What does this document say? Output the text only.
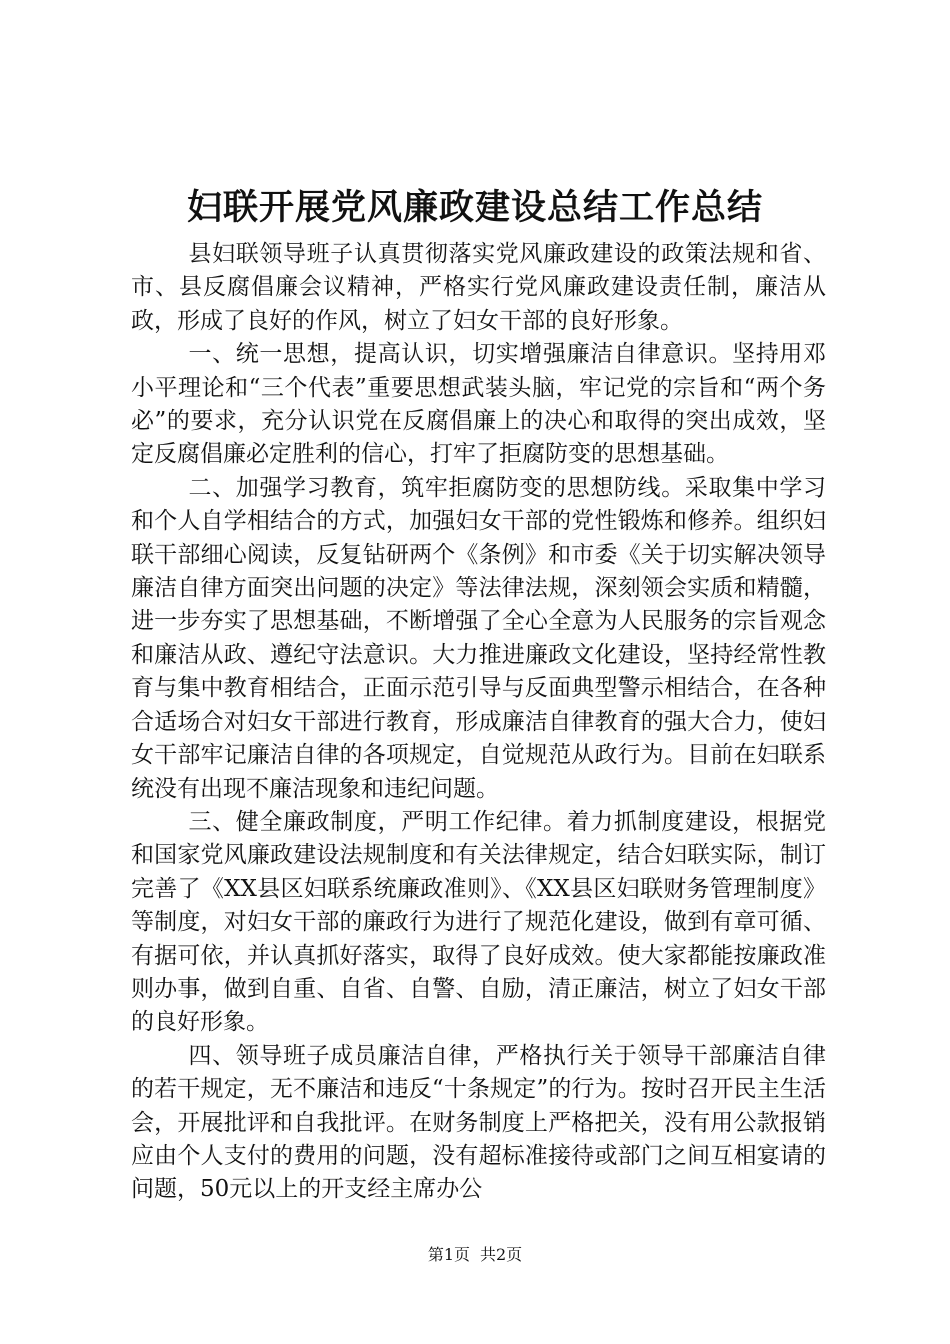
妇联开展党风廉政建设总结工作总结

县妇联领导班子认真贯彻落实党风廉政建设的政策法规和省、市、县反腐倡廉会议精神，严格实行党风廉政建设责任制，廉洁从政，形成了良好的作风，树立了妇女干部的良好形象。

一、统一思想，提高认识，切实增强廉洁自律意识。坚持用邓小平理论和“三个代表”重要思想武装头脑，牢记党的宗旨和“两个务必”的要求，充分认识党在反腐倡廉上的决心和取得的突出成效，坚定反腐倡廉必定胜利的信心，打牢了拒腐防变的思想基础。

二、加强学习教育，筑牢拒腐防变的思想防线。采取集中学习和个人自学相结合的方式，加强妇女干部的党性锻炼和修养。组织妇联干部细心阅读，反复钻研两个《条例》和市委《关于切实解决领导廉洁自律方面突出问题的决定》等法律法规，深刻领会实质和精髓，进一步夯实了思想基础，不断增强了全心全意为人民服务的宗旨观念和廉洁从政、遵纪守法意识。大力推进廉政文化建设，坚持经常性教育与集中教育相结合，正面示范引导与反面典型警示相结合，在各种合适场合对妇女干部进行教育，形成廉洁自律教育的强大合力，使妇女干部牢记廉洁自律的各项规定，自觉规范从政行为。目前在妇联系统没有出现不廉洁现象和违纪问题。

三、健全廉政制度，严明工作纪律。着力抓制度建设，根据党和国家党风廉政建设法规制度和有关法律规定，结合妇联实际，制订完善了《XX县区妇联系统廉政准则》、《XX县区妇联财务管理制度》等制度，对妇女干部的廉政行为进行了规范化建设，做到有章可循、有据可依，并认真抓好落实，取得了良好成效。使大家都能按廉政准则办事，做到自重、自省、自警、自励，清正廉洁，树立了妇女干部的良好形象。

四、领导班子成员廉洁自律，严格执行关于领导干部廉洁自律的若干规定，无不廉洁和违反“十条规定”的行为。按时召开民主生活会，开展批评和自我批评。在财务制度上严格把关，没有用公款报销应由个人支付的费用的问题，没有超标准接待或部门之间互相宴请的问题，50元以上的开支经主席办公

第1页 共2页
